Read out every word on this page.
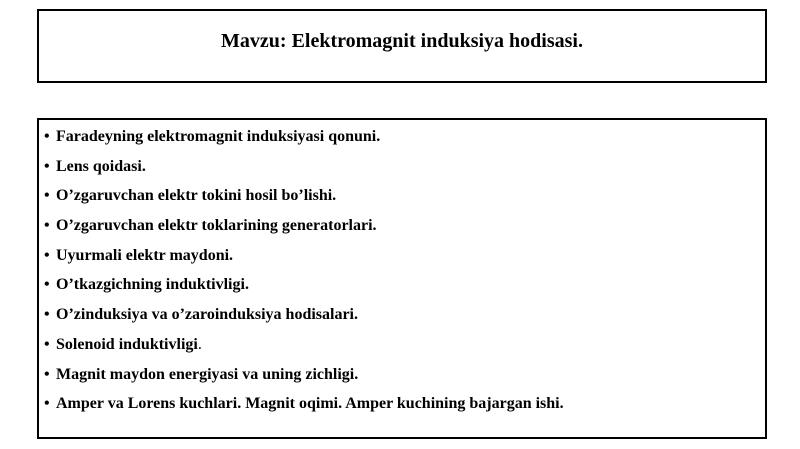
Mavzu: Elektromagnit induksiya hodisasi.
• Faradeyning elektromagnit induksiyasi qonuni.
• Lens qoidasi.
• O’zgaruvchan elektr tokini hosil bo’lishi.
• O’zgaruvchan elektr toklarining generatorlari.
• Uyurmali elektr maydoni.
• O’tkazgichning induktivligi.
• O’zinduksiya va o’zaroinduksiya hodisalari.
• Solenoid induktivligi.
• Magnit maydon energiyasi va uning zichligi.
• Amper va Lorens kuchlari. Magnit oqimi. Amper kuchining bajargan ishi.
